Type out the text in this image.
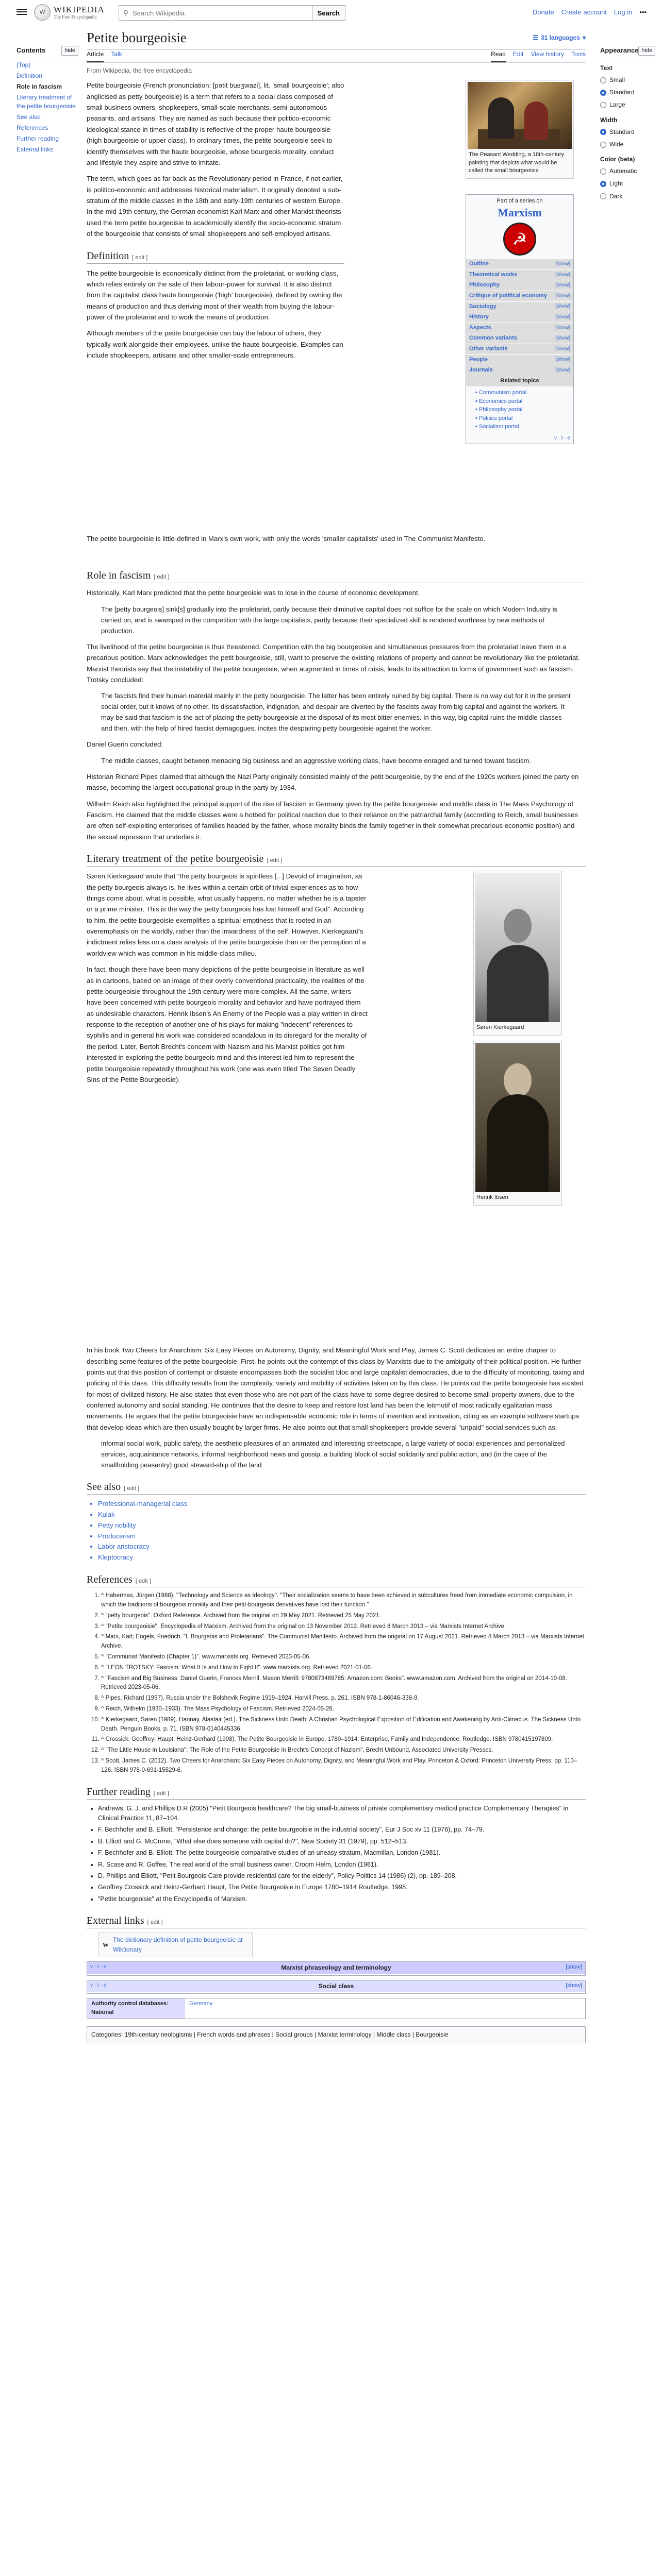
W WIKIPEDIA
The Free Encyclopedia
⚲
Search Wikipedia	Search	Donate Create account Log in •••
Contents	hide
(Top)
Definition
Role in fascism
Literary treatment of the petite bourgeoisie
See also
References
Further reading
External links
Appearance hide
Text
Small
Standard
Large
Width
Standard
Wide
Color (beta)
Automatic
Light
Dark
Petite bourgeoisie	☰ 31 languages ▾
Article Talk	Read Edit View history Tools
From Wikipedia, the free encyclopedia

Petite bourgeoisie (French pronunciation: [pətit buʁʒwazi], lit. 'small bourgeoisie'; also anglicised as petty bourgeoisie) is a term that refers to a social class composed of small business owners, shopkeepers, small-scale merchants, semi-autonomous peasants, and artisans. They are named as such because their politico-economic ideological stance in times of stability is reflective of the proper haute bourgeoisie (high bourgeoisie or upper class). In ordinary times, the petite bourgeoisie seek to identify themselves with the haute bourgeoisie, whose bourgeois morality, conduct and lifestyle they aspire and strive to imitate.

The term, which goes as far back as the Revolutionary period in France, if not earlier, is politico-economic and addresses historical materialism. It originally denoted a sub-stratum of the middle classes in the 18th and early-19th centuries of western Europe. In the mid-19th century, the German economist Karl Marx and other Marxist theorists used the term petite bourgeoisie to academically identify the socio-economic stratum of the bourgeoisie that consists of small shopkeepers and self-employed artisans.

Definition [ edit ]

The petite bourgeoisie is economically distinct from the proletariat, or working class, which relies entirely on the sale of their labour-power for survival. It is also distinct from the capitalist class haute bourgeoisie ('high' bourgeoisie), defined by owning the means of production and thus deriving most of their wealth from buying the labour-power of the proletariat and to work the means of production.

Although members of the petite bourgeoisie can buy the labour of others, they typically work alongside their employees, unlike the haute bourgeoisie. Examples can include shopkeepers, artisans and other smaller-scale entrepreneurs.

The Peasant Wedding, a 16th-century painting that depicts what would be called the small bourgeoisie
Part of a series on
Marxism
☭
Outline	[show]
Theoretical works	[show]
Philosophy	[show]
Critique of political economy [show]
Sociology	[show]
History	[show]
Aspects	[show]
Common variants	[show]
Other variants	[show]
People	[show]
Journals	[show]
Related topics
▪ Communism portal
▪ Economics portal
▪ Philosophy portal
▪ Politics portal
▪ Socialism portal
v · t · e

The petite bourgeoisie is little-defined in Marx's own work, with only the words 'smaller capitalists' used in The Communist Manifesto.

Role in fascism [ edit ]

Historically, Karl Marx predicted that the petite bourgeoisie was to lose in the course of economic development.

The [petty bourgeois] sink[s] gradually into the proletariat, partly because their diminutive capital does not suffice for the scale on which Modern Industry is carried on, and is swamped in the competition with the large capitalists, partly because their specialized skill is rendered worthless by new methods of production.

The livelihood of the petite bourgeoisie is thus threatened. Competition with the big bourgeoisie and simultaneous pressures from the proletariat leave them in a precarious position. Marx acknowledges the petit bourgeoisie, still, want to preserve the existing relations of property and cannot be revolutionary like the proletariat. Marxist theorists say that the instability of the petite bourgeoisie, when augmented in times of crisis, leads to its attraction to forms of government such as fascism. Trotsky concluded:

The fascists find their human material mainly in the petty bourgeoisie. The latter has been entirely ruined by big capital. There is no way out for it in the present social order, but it knows of no other. Its dissatisfaction, indignation, and despair are diverted by the fascists away from big capital and against the workers. It may be said that fascism is the act of placing the petty bourgeoisie at the disposal of its most bitter enemies. In this way, big capital ruins the middle classes and then, with the help of hired fascist demagogues, incites the despairing petty bourgeoisie against the worker.

Daniel Guerin concluded:

The middle classes, caught between menacing big business and an aggressive working class, have become enraged and turned toward fascism.

Historian Richard Pipes claimed that although the Nazi Party originally consisted mainly of the petit bourgeoisie, by the end of the 1920s workers joined the party en masse, becoming the largest occupational group in the party by 1934.

Wilhelm Reich also highlighted the principal support of the rise of fascism in Germany given by the petite bourgeoisie and middle class in The Mass Psychology of Fascism. He claimed that the middle classes were a hotbed for political reaction due to their reliance on the patriarchal family (according to Reich, small businesses are often self-exploiting enterprises of families headed by the father, whose morality binds the family together in their somewhat precarious economic position) and the sexual repression that underlies it.

Literary treatment of the petite bourgeoisie [ edit ]

Søren Kierkegaard wrote that "the petty bourgeois is spiritless [...] Devoid of imagination, as the petty bourgeois always is, he lives within a certain orbit of trivial experiences as to how things come about, what is possible, what usually happens, no matter whether he is a tapster or a prime minister. This is the way the petty bourgeois has lost himself and God". According to him, the petite bourgeoisie exemplifies a spiritual emptiness that is rooted in an overemphasis on the worldly, rather than the inwardness of the self. However, Kierkegaard's indictment relies less on a class analysis of the petite bourgeoisie than on the perception of a worldview which was common in his middle-class milieu.

In fact, though there have been many depictions of the petite bourgeoisie in literature as well as in cartoons, based on an image of their overly conventional practicality, the realities of the petite bourgeoisie throughout the 19th century were more complex. All the same, writers have been concerned with petite bourgeois morality and behavior and have portrayed them as undesirable characters. Henrik Ibsen's An Enemy of the People was a play written in direct response to the reception of another one of his plays for making "indecent" references to syphilis and in general his work was considered scandalous in its disregard for the morality of the period. Later, Bertolt Brecht's concern with Nazism and his Marxist politics got him interested in exploring the petite bourgeois mind and this interest led him to represent the petite bourgeoisie repeatedly throughout his work (one was even titled The Seven Deadly Sins of the Petite Bourgeoisie).

Søren Kierkegaard
Henrik Ibsen

In his book Two Cheers for Anarchism: Six Easy Pieces on Autonomy, Dignity, and Meaningful Work and Play, James C. Scott dedicates an entire chapter to describing some features of the petite bourgeoisie. First, he points out the contempt of this class by Marxists due to the ambiguity of their political position. He further points out that this position of contempt or distaste encompasses both the socialist bloc and large capitalist democracies, due to the difficulty of monitoring, taxing and policing of this class. This difficulty results from the complexity, variety and mobility of activities taken on by this class. He points out the petite bourgeoisie has existed for most of civilized history. He also states that even those who are not part of the class have to some degree desired to become small property owners, due to the conferred autonomy and social standing. He continues that the desire to keep and restore lost land has been the leitmotif of most radically egalitarian mass movements. He argues that the petite bourgeoisie have an indispensable economic role in terms of invention and innovation, citing as an example software startups that develop ideas which are then usually bought by larger firms. He also points out that small shopkeepers provide several "unpaid" social services such as:

informal social work, public safety, the aesthetic pleasures of an animated and interesting streetscape, a large variety of social experiences and personalized services, acquaintance networks, informal neighborhood news and gossip, a building block of social solidarity and public action, and (in the case of the smallholding peasantry) good steward-ship of the land
See also [ edit ]
• Professional-managerial class
• Kulak
• Petty nobility
• Producerism
• Labor aristocracy
• Kleptocracy
References [ edit ]
1. ^ Habermas, Jürgen (1988). "Technology and Science as Ideology". "Their socialization seems to have been achieved in subcultures freed from immediate economic compulsion, in which the traditions of bourgeois morality and their petit-bourgeois derivatives have lost their function."
2. ^ "petty bourgeois". Oxford Reference. Archived from the original on 29 May 2021. Retrieved 25 May 2021.
3. ^ "Petite bourgeoisie". Encyclopedia of Marxism. Archived from the original on 13 November 2012. Retrieved 8 March 2013 – via Marxists Internet Archive.
4. ^ Marx, Karl; Engels, Friedrich. "I. Bourgeois and Proletarians". The Communist Manifesto. Archived from the original on 17 August 2021. Retrieved 8 March 2013 – via Marxists Internet Archive.
5. ^ "Communist Manifesto (Chapter 1)". www.marxists.org. Retrieved 2023-05-06.
6. ^ "LEON TROTSKY: Fascism: What It Is and How to Fight It". www.marxists.org. Retrieved 2021-01-06.
7. ^ "Fascism and Big Business: Daniel Guerin, Frances Merrill, Mason Merrill: 9780873489785: Amazon.com: Books". www.amazon.com. Archived from the original on 2014-10-08. Retrieved 2023-05-06.
8. ^ Pipes, Richard (1997). Russia under the Bolshevik Regime 1919–1924. Harvill Press. p. 261. ISBN 978-1-86046-338-9.
9. ^ Reich, Wilhelm (1930–1933). The Mass Psychology of Fascism. Retrieved 2024-05-26.
10. ^ Kierkegaard, Søren (1989). Hannay, Alastair (ed.). The Sickness Unto Death: A Christian Psychological Exposition of Edification and Awakening by Anti-Climacus. The Sickness Unto Death. Penguin Books. p. 71. ISBN 978-0140445336.
11. ^ Crossick, Geoffrey; Haupt, Heinz-Gerhard (1998). The Petite Bourgeoisie in Europe, 1780–1914: Enterprise, Family and Independence. Routledge. ISBN 9780415197809.
12. ^ "The Little House in Louisiana": The Role of the Petite Bourgeoisie in Brecht's Concept of Nazism", Brecht Unbound, Associated University Presses.
13. ^ Scott, James C. (2012). Two Cheers for Anarchism: Six Easy Pieces on Autonomy, Dignity, and Meaningful Work and Play. Princeton & Oxford: Princeton University Press. pp. 110–126. ISBN 978-0-691-15529-6.
Further reading [ edit ]
• Andrews, G. J. and Phillips D.R (2005) "Petit Bourgeois healthcare? The big small-business of private complementary medical practice Complementary Therapies" in Clinical Practice 11, 87–104.
• F. Bechhofer and B. Elliott, "Persistence and change: the petite bourgeoisie in the industrial society", Eur J Soc xv 11 (1976), pp. 74–79.
• B. Elliott and G. McCrone, "What else does someone with capital do?", New Society 31 (1979), pp. 512–513.
• F. Bechhofer and B. Elliott: The petite bourgeoisie comparative studies of an uneasy stratum, Macmillan, London (1981).
• R. Scase and R. Goffee, The real world of the small business owner, Croom Helm, London (1981).
• D. Phillips and Elliott, "Petit Bourgeois Care provide residential care for the elderly", Policy Politics 14 (1986) (2), pp. 189–208.
• Geoffrey Crossick and Heinz-Gerhard Haupt, The Petite Bourgeoisie in Europe 1780–1914 Routledge. 1998.
• "Petite bourgeoisie" at the Encyclopedia of Marxism.
External links [ edit ]
W
The dictionary definition of petite bourgeoisie at Wiktionary
v · t · e	Marxist phraseology and terminology	[show]
v · t · e	Social class	[show]
Authority control databases: National
Germany
Categories: 19th-century neologisms | French words and phrases | Social groups | Marxist terminology | Middle class | Bourgeoisie
